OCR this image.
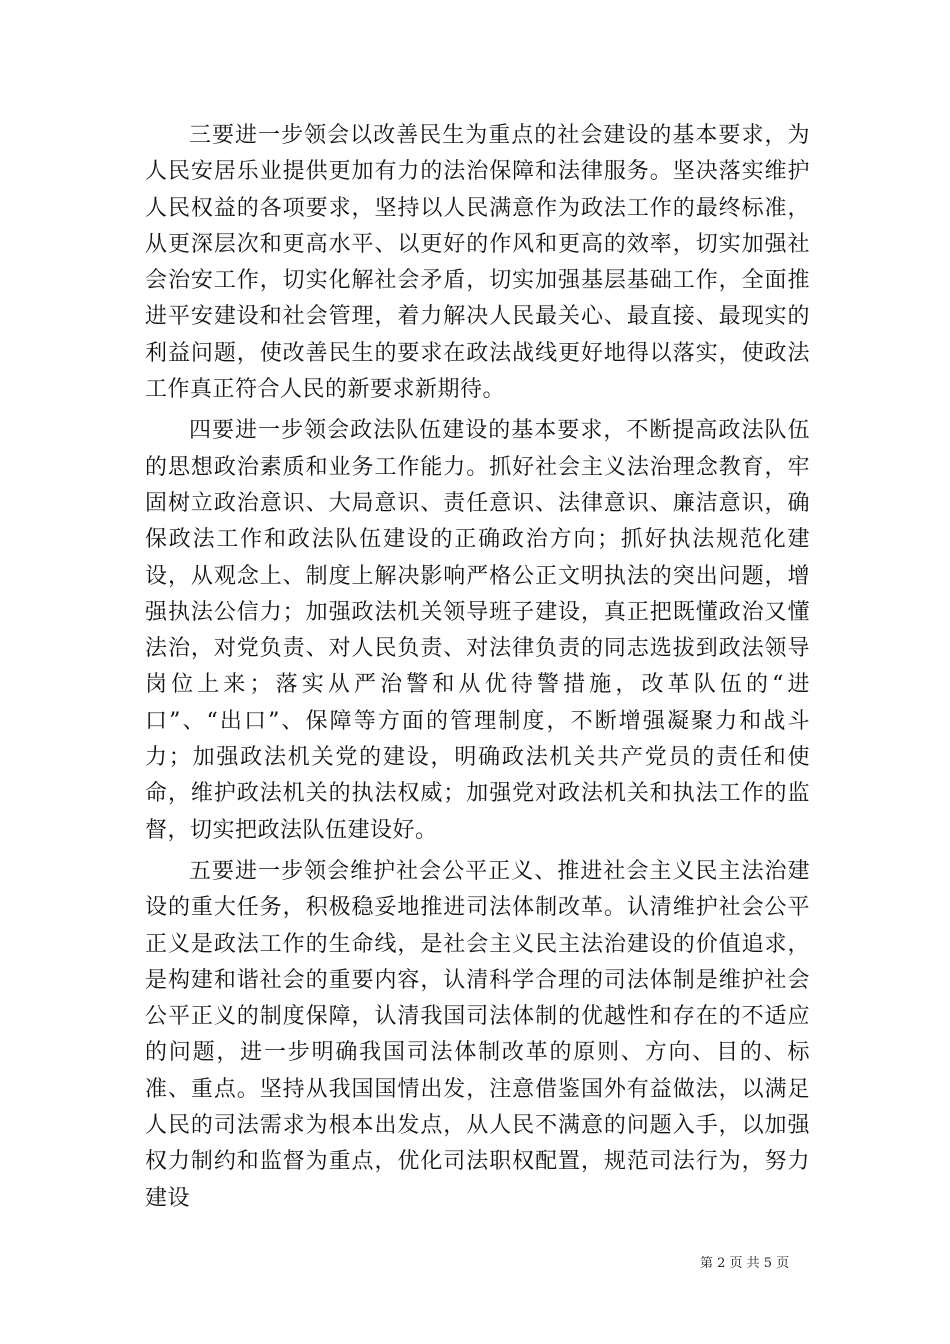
三要进一步领会以改善民生为重点的社会建设的基本要求，为人民安居乐业提供更加有力的法治保障和法律服务。坚决落实维护人民权益的各项要求，坚持以人民满意作为政法工作的最终标准，从更深层次和更高水平、以更好的作风和更高的效率，切实加强社会治安工作，切实化解社会矛盾，切实加强基层基础工作，全面推进平安建设和社会管理，着力解决人民最关心、最直接、最现实的利益问题，使改善民生的要求在政法战线更好地得以落实，使政法工作真正符合人民的新要求新期待。

四要进一步领会政法队伍建设的基本要求，不断提高政法队伍的思想政治素质和业务工作能力。抓好社会主义法治理念教育，牢固树立政治意识、大局意识、责任意识、法律意识、廉洁意识，确保政法工作和政法队伍建设的正确政治方向；抓好执法规范化建设，从观念上、制度上解决影响严格公正文明执法的突出问题，增强执法公信力；加强政法机关领导班子建设，真正把既懂政治又懂法治，对党负责、对人民负责、对法律负责的同志选拔到政法领导岗位上来；落实从严治警和从优待警措施，改革队伍的“进口”、“出口”、保障等方面的管理制度，不断增强凝聚力和战斗力；加强政法机关党的建设，明确政法机关共产党员的责任和使命，维护政法机关的执法权威；加强党对政法机关和执法工作的监督，切实把政法队伍建设好。

五要进一步领会维护社会公平正义、推进社会主义民主法治建设的重大任务，积极稳妥地推进司法体制改革。认清维护社会公平正义是政法工作的生命线，是社会主义民主法治建设的价值追求，是构建和谐社会的重要内容，认清科学合理的司法体制是维护社会公平正义的制度保障，认清我国司法体制的优越性和存在的不适应的问题，进一步明确我国司法体制改革的原则、方向、目的、标准、重点。坚持从我国国情出发，注意借鉴国外有益做法，以满足人民的司法需求为根本出发点，从人民不满意的问题入手，以加强权力制约和监督为重点，优化司法职权配置，规范司法行为，努力建设

第 2 页 共 5 页
